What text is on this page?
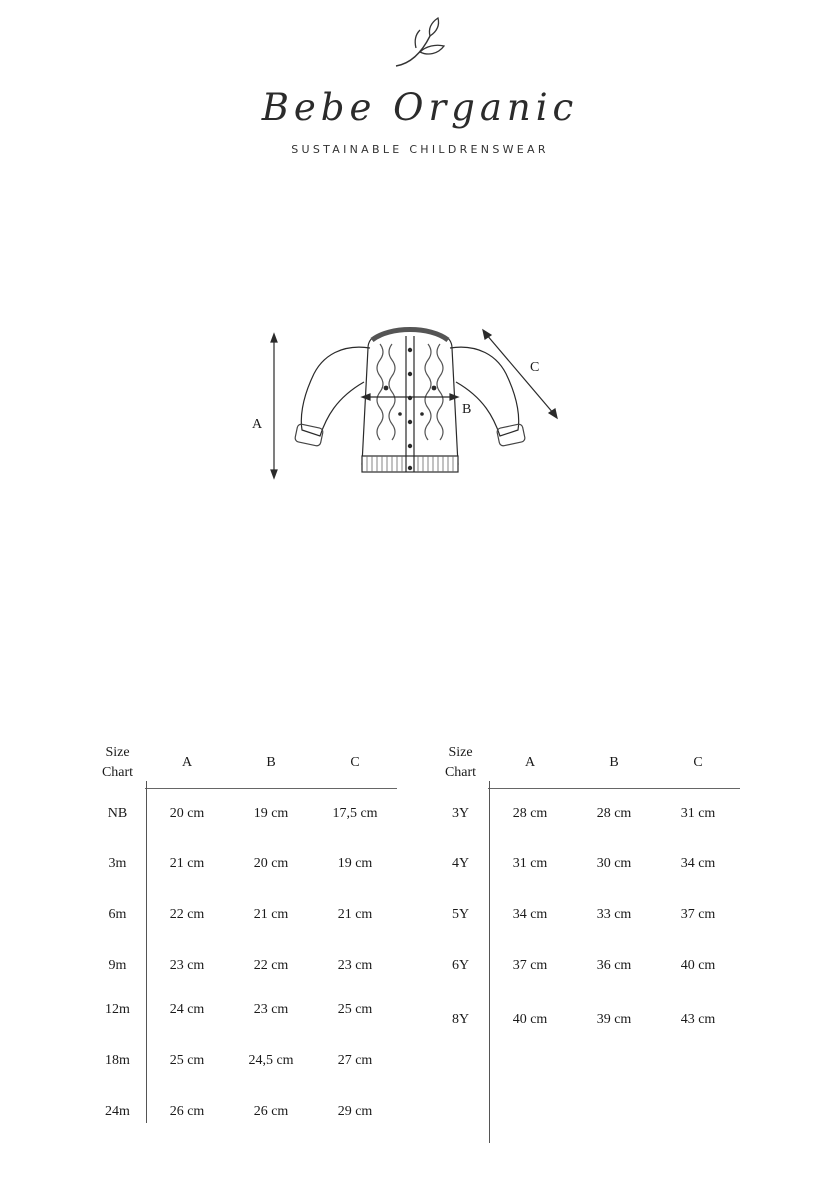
Bebe Organic
SUSTAINABLE CHILDRENSWEAR
A
B
C
Size
Chart	A	B	C
NB	20 cm	19 cm	17,5 cm
3m	21 cm	20 cm	19 cm
6m	22 cm	21 cm	21 cm
9m	23 cm	22 cm	23 cm
12m	24 cm	23 cm	25 cm
18m	25 cm	24,5 cm	27 cm
24m	26 cm	26 cm	29 cm
Size
Chart	A	B	C
3Y	28 cm	28 cm	31 cm
4Y	31 cm	30 cm	34 cm
5Y	34 cm	33 cm	37 cm
6Y	37 cm	36 cm	40 cm
8Y	40 cm	39 cm	43 cm
